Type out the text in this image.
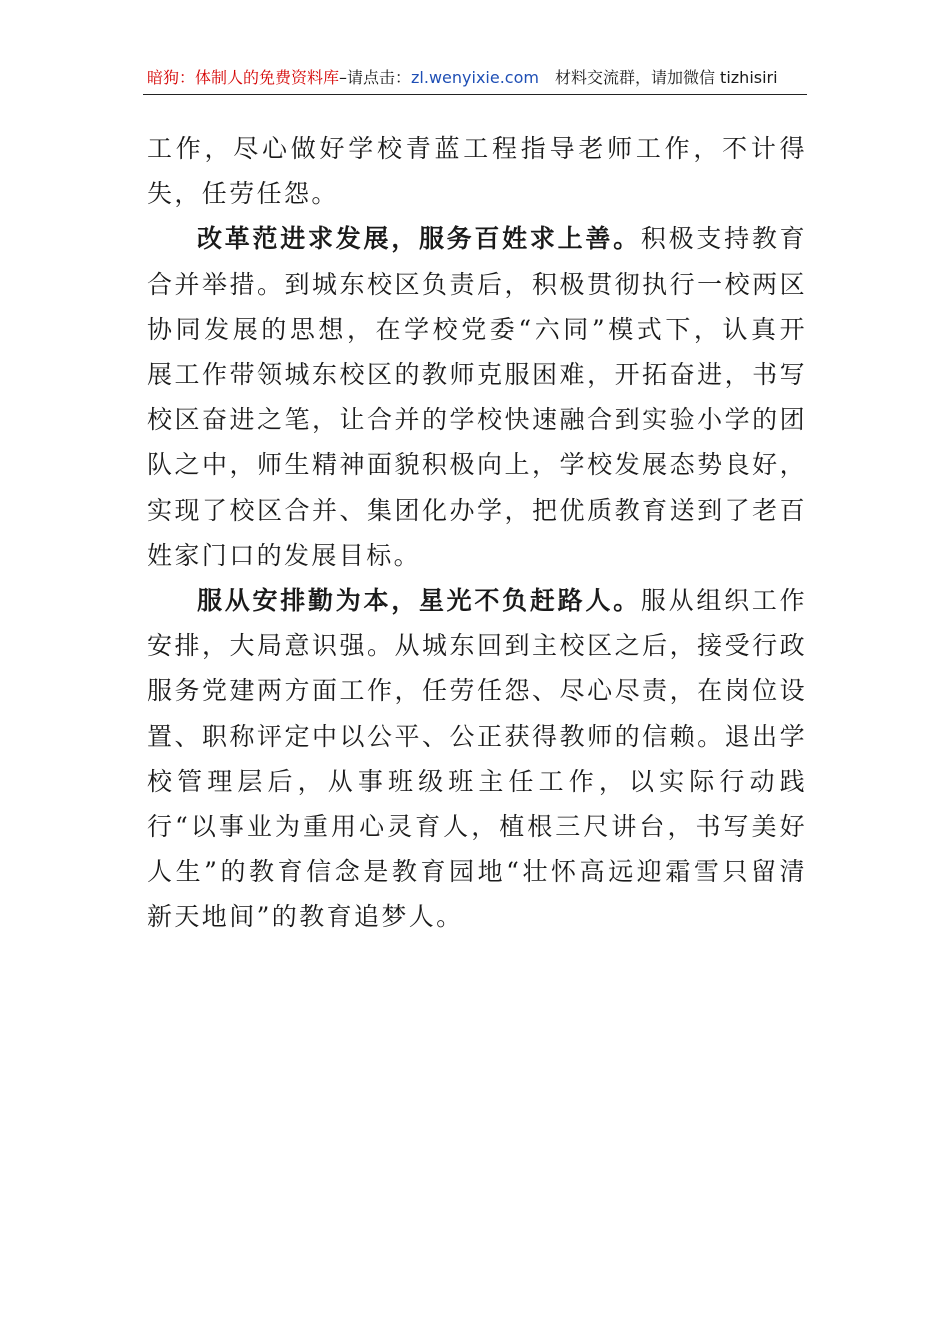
暗狗：体制人的免费资料库–请点击：zl.wenyixie.com 材料交流群，请加微信 tizhisiri

工作，尽心做好学校青蓝工程指导老师工作，不计得失，任劳任怨。

改革范进求发展，服务百姓求上善。积极支持教育合并举措。到城东校区负责后，积极贯彻执行一校两区协同发展的思想，在学校党委“六同”模式下，认真开展工作带领城东校区的教师克服困难，开拓奋进，书写校区奋进之笔，让合并的学校快速融合到实验小学的团队之中，师生精神面貌积极向上，学校发展态势良好，实现了校区合并、集团化办学，把优质教育送到了老百姓家门口的发展目标。

服从安排勤为本，星光不负赶路人。服从组织工作安排，大局意识强。从城东回到主校区之后，接受行政服务党建两方面工作，任劳任怨、尽心尽责，在岗位设置、职称评定中以公平、公正获得教师的信赖。退出学校管理层后，从事班级班主任工作，以实际行动践行“以事业为重用心灵育人，植根三尺讲台，书写美好人生”的教育信念是教育园地“壮怀高远迎霜雪只留清新天地间”的教育追梦人。
